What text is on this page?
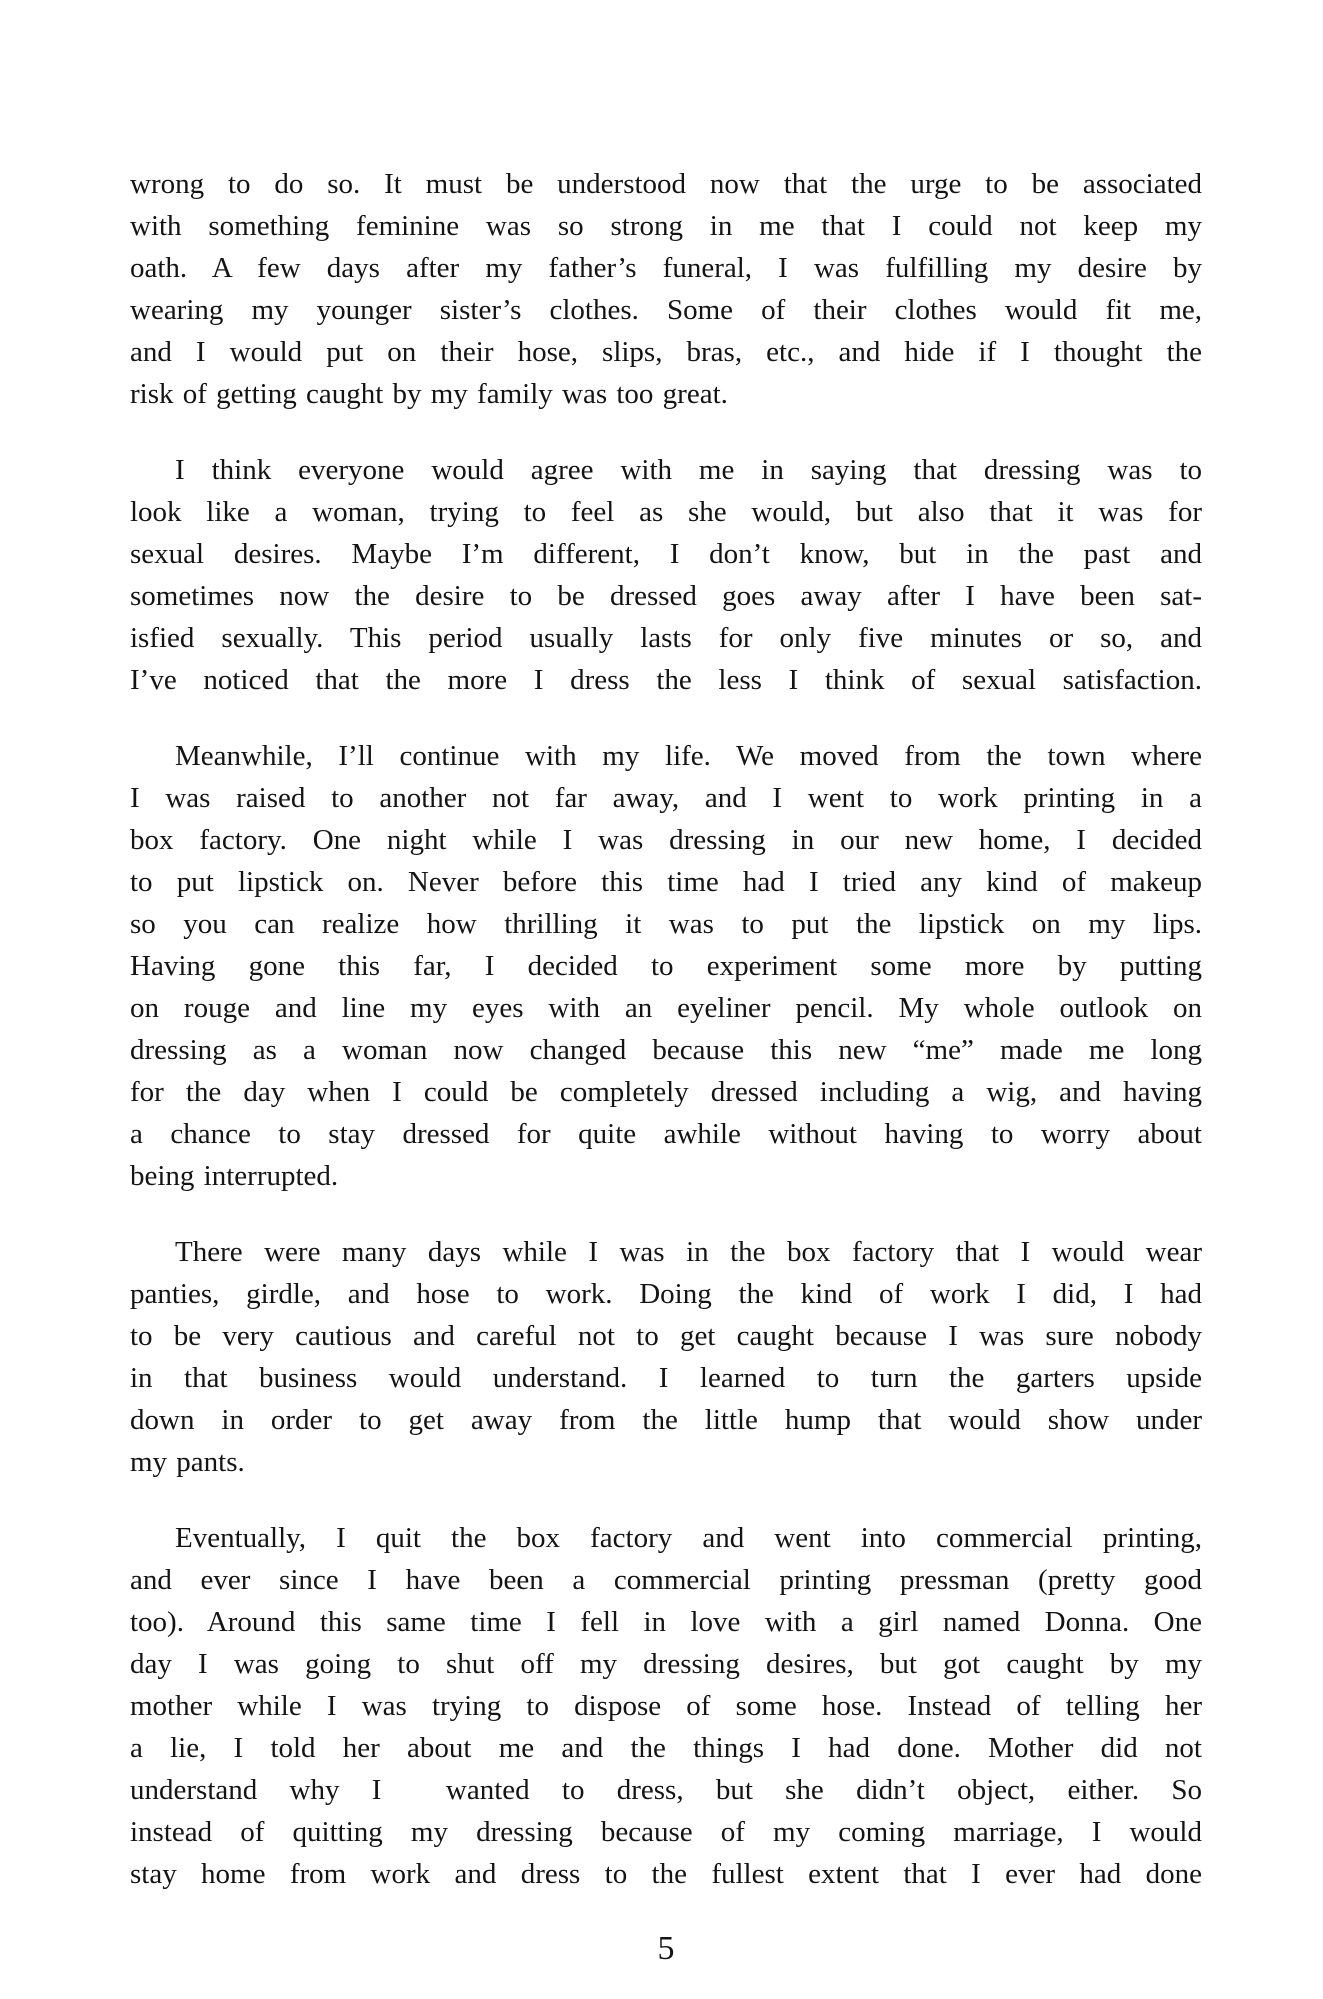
wrong to do so. It must be understood now that the urge to be associated
with something feminine was so strong in me that I could not keep my
oath. A few days after my father’s funeral, I was fulfilling my desire by
wearing my younger sister’s clothes. Some of their clothes would fit me,
and I would put on their hose, slips, bras, etc., and hide if I thought the
risk of getting caught by my family was too great.
I think everyone would agree with me in saying that dressing was to
look like a woman, trying to feel as she would, but also that it was for
sexual desires. Maybe I’m different, I don’t know, but in the past and
sometimes now the desire to be dressed goes away after I have been sat-
isfied sexually. This period usually lasts for only five minutes or so, and
I’ve noticed that the more I dress the less I think of sexual satisfaction.
Meanwhile, I’ll continue with my life. We moved from the town where
I was raised to another not far away, and I went to work printing in a
box factory. One night while I was dressing in our new home, I decided
to put lipstick on. Never before this time had I tried any kind of makeup
so you can realize how thrilling it was to put the lipstick on my lips.
Having gone this far, I decided to experiment some more by putting
on rouge and line my eyes with an eyeliner pencil. My whole outlook on
dressing as a woman now changed because this new “me” made me long
for the day when I could be completely dressed including a wig, and having
a chance to stay dressed for quite awhile without having to worry about
being interrupted.
There were many days while I was in the box factory that I would wear
panties, girdle, and hose to work. Doing the kind of work I did, I had
to be very cautious and careful not to get caught because I was sure nobody
in that business would understand. I learned to turn the garters upside
down in order to get away from the little hump that would show under
my pants.
Eventually, I quit the box factory and went into commercial printing,
and ever since I have been a commercial printing pressman (pretty good
too). Around this same time I fell in love with a girl named Donna. One
day I was going to shut off my dressing desires, but got caught by my
mother while I was trying to dispose of some hose. Instead of telling her
a lie, I told her about me and the things I had done. Mother did not
understand why I  wanted to dress, but she didn’t object, either. So
instead of quitting my dressing because of my coming marriage, I would
stay home from work and dress to the fullest extent that I ever had done
5
